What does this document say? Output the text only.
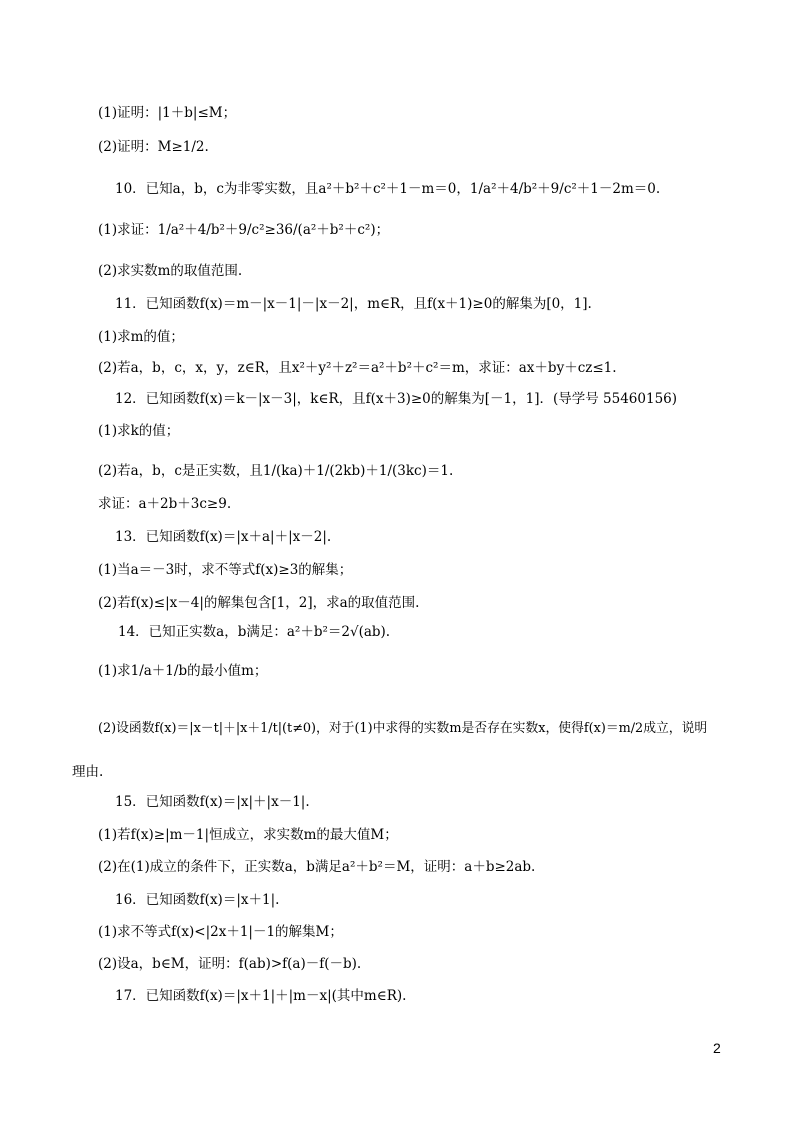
(1)证明：|1＋b|≤M；
(2)证明：M≥1/2.
10．已知a，b，c为非零实数，且a²＋b²＋c²＋1－m＝0，1/a²＋4/b²＋9/c²＋1－2m＝0.
(1)求证：1/a²＋4/b²＋9/c²≥36/(a²＋b²＋c²)；
(2)求实数m的取值范围.
11．已知函数f(x)＝m－|x－1|－|x－2|，m∈R，且f(x＋1)≥0的解集为[0，1].
(1)求m的值；
(2)若a，b，c，x，y，z∈R，且x²＋y²＋z²＝a²＋b²＋c²＝m，求证：ax＋by＋cz≤1.
12．已知函数f(x)＝k－|x－3|，k∈R，且f(x＋3)≥0的解集为[－1，1]．(导学号 55460156)
(1)求k的值；
(2)若a，b，c是正实数，且1/(ka)＋1/(2kb)＋1/(3kc)＝1.
求证：a＋2b＋3c≥9.
13．已知函数f(x)＝|x＋a|＋|x－2|.
(1)当a＝－3时，求不等式f(x)≥3的解集；
(2)若f(x)≤|x－4|的解集包含[1，2]，求a的取值范围.
14．已知正实数a，b满足：a²＋b²＝2√(ab).
(1)求1/a＋1/b的最小值m；
(2)设函数f(x)＝|x－t|＋|x＋1/t|(t≠0)，对于(1)中求得的实数m是否存在实数x，使得f(x)＝m/2成立，说明
理由.
15．已知函数f(x)＝|x|＋|x－1|.
(1)若f(x)≥|m－1|恒成立，求实数m的最大值M；
(2)在(1)成立的条件下，正实数a，b满足a²＋b²＝M，证明：a＋b≥2ab.
16．已知函数f(x)＝|x＋1|.
(1)求不等式f(x)<|2x＋1|－1的解集M；
(2)设a，b∈M，证明：f(ab)>f(a)－f(－b).
17．已知函数f(x)＝|x＋1|＋|m－x|(其中m∈R).
2
